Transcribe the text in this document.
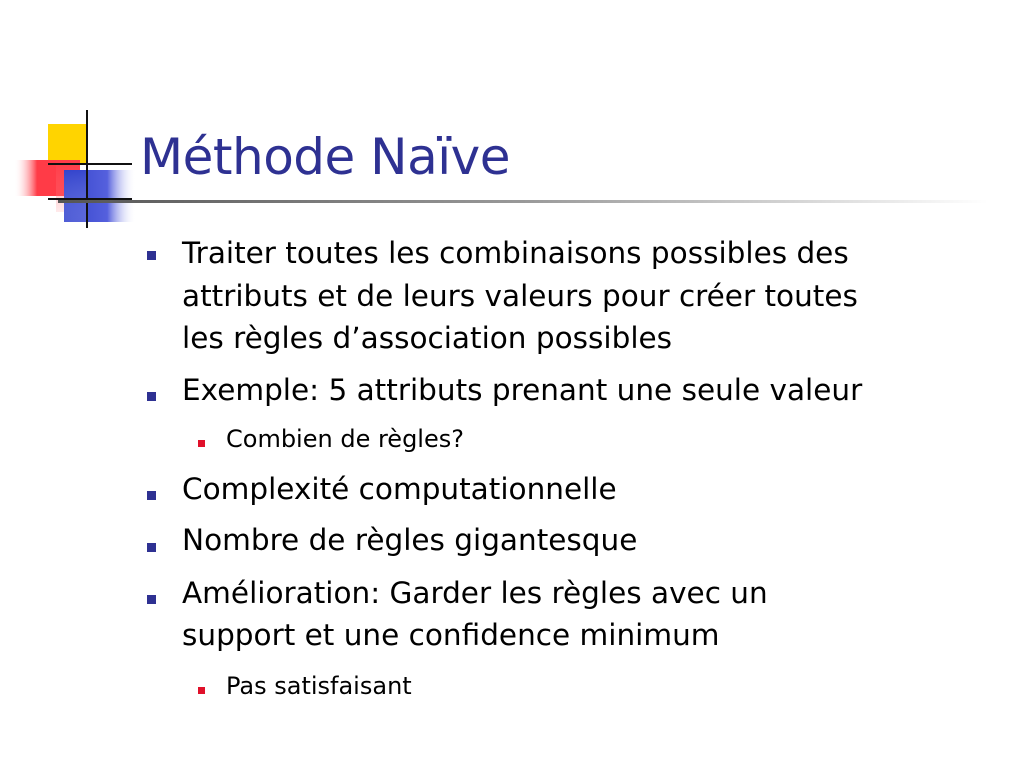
Méthode Naïve
Traiter toutes les combinaisons possibles des
attributs et de leurs valeurs pour créer toutes
les règles d’association possibles
Exemple: 5 attributs prenant une seule valeur
Combien de règles?
Complexité computationnelle
Nombre de règles gigantesque
Amélioration: Garder les règles avec un
support et une confidence minimum
Pas satisfaisant
